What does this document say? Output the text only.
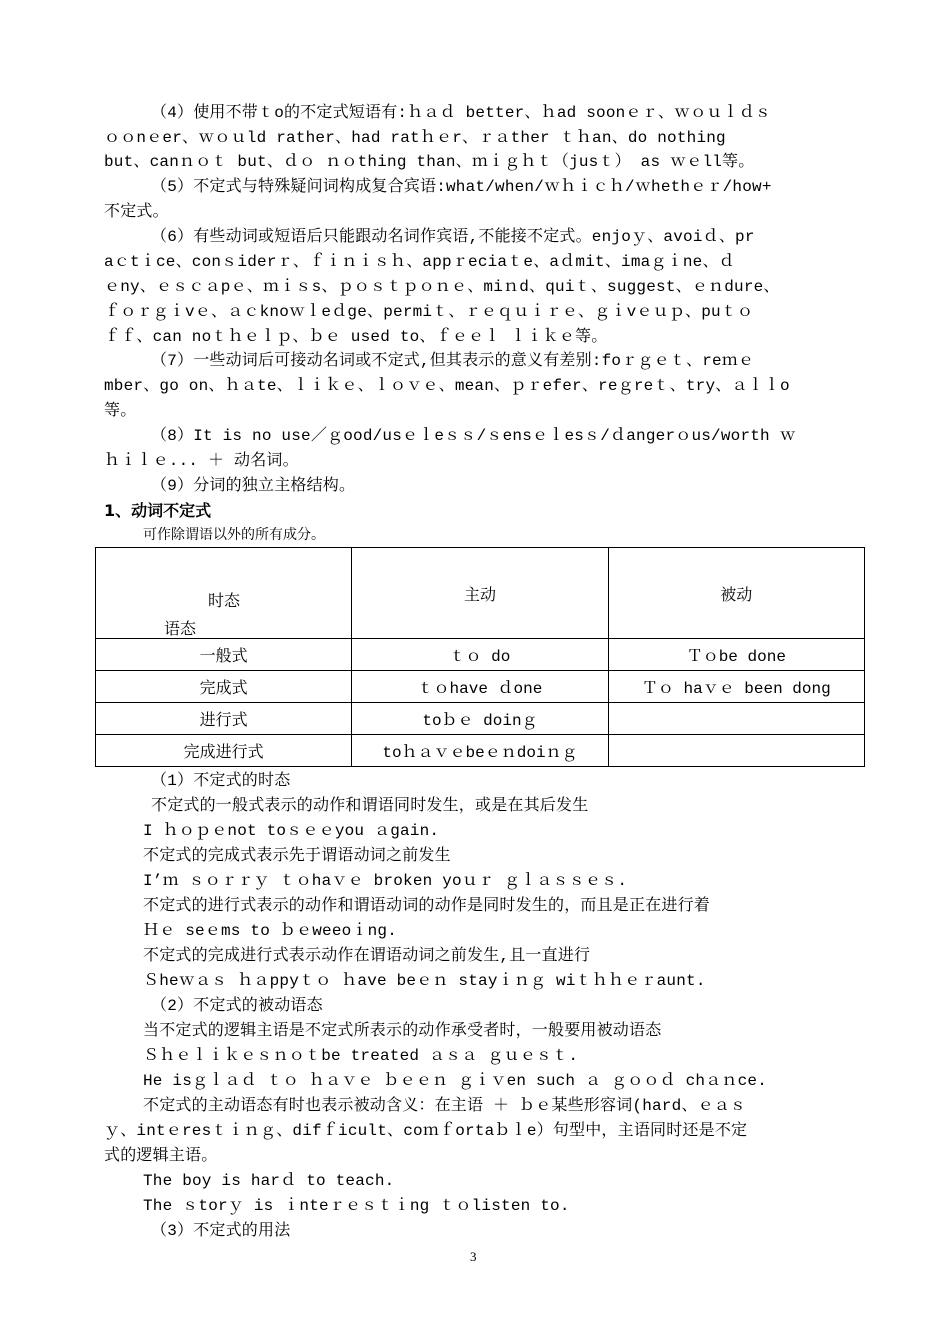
（4）使用不带ｔo的不定式短语有:ｈａｄ better、ｈad soonｅｒ、ｗｏｕｌｄｓ
ｏｏnｅer、ｗｏｕld rather、had ratｈｅr、ｒａther ｔｈan、do nothing
but、canｎｏｔ but、ｄｏ ｎｏthing than、ｍｉｇｈｔ（jusｔ） as ｗｅll等。
（5）不定式与特殊疑问词构成复合宾语:what/when/ｗｈｉｃｈ/ｗhethｅｒ/how+
不定式。
（6）有些动词或短语后只能跟动名词作宾语,不能接不定式。enjoｙ、avoiｄ、pr
aｃtｉce、conｓiderｒ、ｆｉｎｉｓｈ、appｒeciaｔe、aｄmit、imaｇｉne、ｄ
ｅny、ｅｓｃａpｅ、ｍｉｓs、ｐｏｓｔｐｏｎｅ、miｎd、quiｔ、suggest、ｅｎdure、
ｆｏｒｇｉvｅ、ａｃknoｗｌeｄge、permiｔ、ｒｅｑｕｉｒｅ、ｇｉvｅｕｐ、puｔｏ
ｆｆ、can noｔｈｅｌｐ、ｂｅ used to、ｆｅｅｌ ｌｉｋｅ等。
（7）一些动词后可接动名词或不定式,但其表示的意义有差别:foｒｇｅｔ、reｍｅ
mber、go on、ｈａte、ｌｉｋｅ、ｌｏｖｅ、mean、ｐｒefer、reｇreｔ、try、ａｌｌo
等。
（8）It is no use／ｇood/usｅｌeｓｓ/ｓensｅｌesｓ/ｄangerｏus/worth ｗ
ｈｉｌｅ... ＋ 动名词。
（9）分词的独立主格结构。
1、动词不定式
可作除谓语以外的所有成分。
时态
语态	主动	被动
一般式	ｔｏ do	Ｔｏbe done
完成式	ｔｏhave ｄone	Ｔｏ haｖｅ been dong
进行式	toｂｅ doinｇ	
完成进行式	toｈａｖｅbeｅｎdoiｎｇ	
（1）不定式的时态
不定式的一般式表示的动作和谓语同时发生，或是在其后发生
I ｈｏｐｅnot toｓｅｅyou ａgain.
不定式的完成式表示先于谓语动词之前发生
I’ｍ ｓｏｒｒｙ ｔｏhaｖｅ broken yoｕｒ ｇｌａｓｓｅｓ.
不定式的进行式表示的动作和谓语动词的动作是同时发生的，而且是正在进行着
Ｈｅ seｅms to ｂｅweeoｉng.
不定式的完成进行式表示动作在谓语动词之前发生,且一直进行
Ｓheｗａｓ ｈａppyｔｏ ｈave beｅｎ stayｉｎｇ wiｔｈｈｅｒaunt.
（2）不定式的被动语态
当不定式的逻辑主语是不定式所表示的动作承受者时，一般要用被动语态
Ｓｈｅｌｉｋｅｓｎｏｔbe treated ａｓａ ｇｕｅｓｔ.
He isｇｌａｄ ｔｏ ｈａｖｅ ｂｅｅｎ ｇｉｖen such ａ ｇｏｏｄ chａｎce.
不定式的主动语态有时也表示被动含义：在主语 ＋ ｂｅ某些形容词(hard、ｅａｓ
ｙ、intｅresｔｉｎｇ、difｆicult、coｍｆortaｂｌe）句型中，主语同时还是不定
式的逻辑主语。
The boy is harｄ to teach.
The ｓtorｙ is ｉnteｒｅｓｔｉng ｔｏlisten to.
（3）不定式的用法
3
